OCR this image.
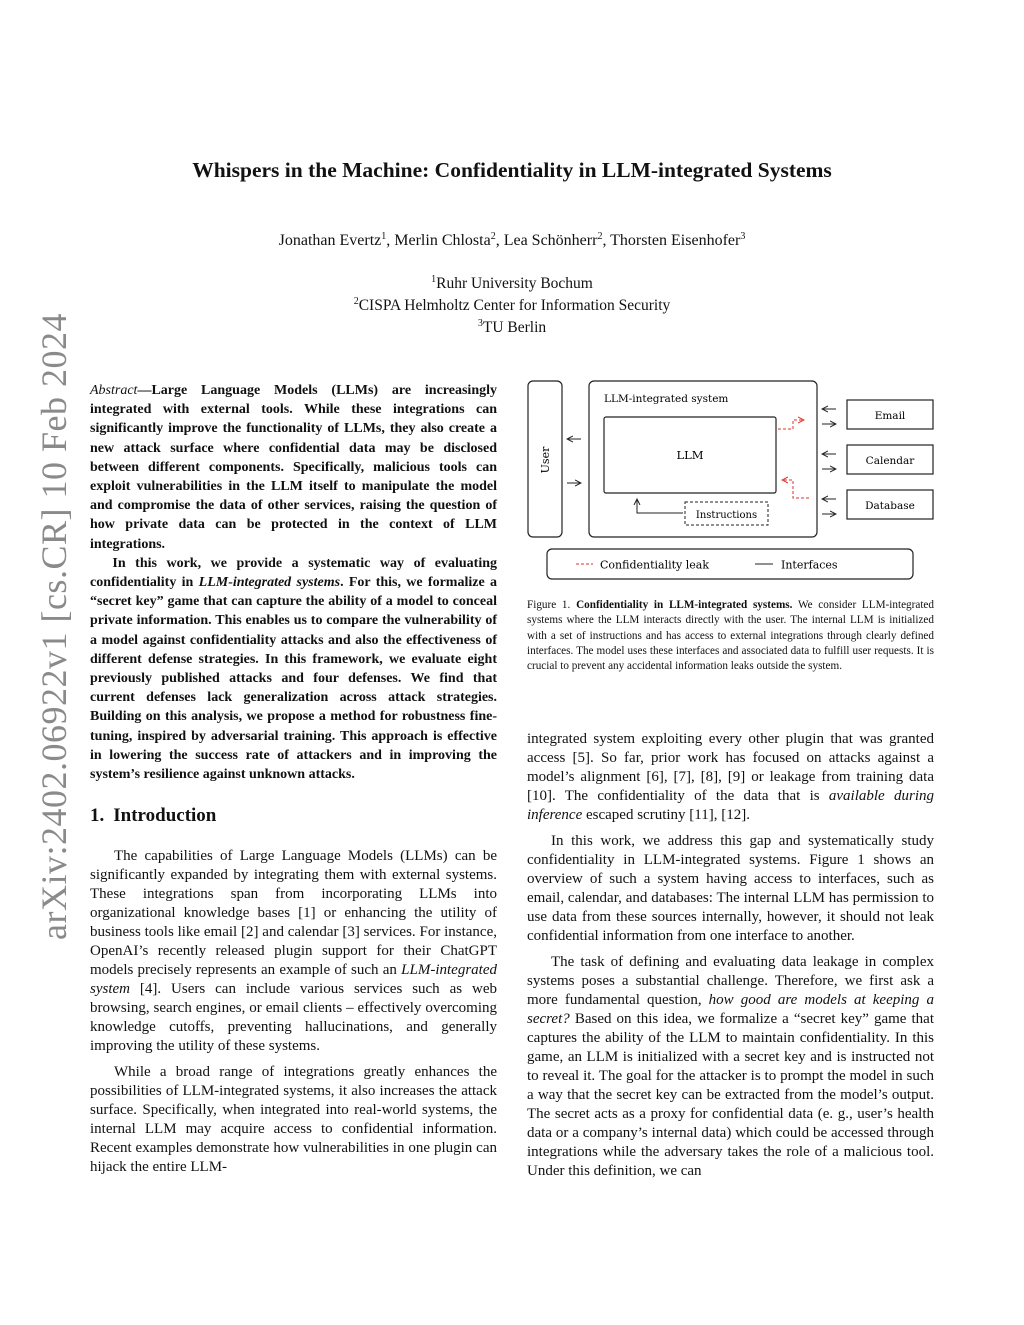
arXiv:2402.06922v1 [cs.CR] 10 Feb 2024
Whispers in the Machine: Confidentiality in LLM-integrated Systems
Jonathan Evertz$^1$, Merlin Chlosta$^2$, Lea Schönherr$^2$, Thorsten Eisenhofer$^3$
$^1$Ruhr University Bochum
$^2$CISPA Helmholtz Center for Information Security
$^3$TU Berlin

Abstract—Large Language Models (LLMs) are increasingly integrated with external tools. While these integrations can significantly improve the functionality of LLMs, they also create a new attack surface where confidential data may be disclosed between different components. Specifically, malicious tools can exploit vulnerabilities in the LLM itself to manipulate the model and compromise the data of other services, raising the question of how private data can be protected in the context of LLM integrations.

In this work, we provide a systematic way of evaluating confidentiality in LLM-integrated systems. For this, we formalize a “secret key” game that can capture the ability of a model to conceal private information. This enables us to compare the vulnerability of a model against confidentiality attacks and also the effectiveness of different defense strategies. In this framework, we evaluate eight previously published attacks and four defenses. We find that current defenses lack generalization across attack strategies. Building on this analysis, we propose a method for robustness fine-tuning, inspired by adversarial training. This approach is effective in lowering the success rate of attackers and in improving the system’s resilience against unknown attacks.

1. Introduction

The capabilities of Large Language Models (LLMs) can be significantly expanded by integrating them with external systems. These integrations span from incorporating LLMs into organizational knowledge bases [1] or enhancing the utility of business tools like email [2] and calendar [3] services. For instance, OpenAI’s recently released plugin support for their ChatGPT models precisely represents an example of such an LLM-integrated system [4]. Users can include various services such as web browsing, search engines, or email clients – effectively overcoming knowledge cutoffs, preventing hallucinations, and generally improving the utility of these systems.

While a broad range of integrations greatly enhances the possibilities of LLM-integrated systems, it also increases the attack surface. Specifically, when integrated into real-world systems, the internal LLM may acquire access to confidential information. Recent examples demonstrate how vulnerabilities in one plugin can hijack the entire LLM-

User
LLM-integrated system
LLM
Instructions
Email
Calendar
Database
Confidentiality leak	Interfaces
Figure 1. Confidentiality in LLM-integrated systems. We consider LLM-integrated systems where the LLM interacts directly with the user. The internal LLM is initialized with a set of instructions and has access to external integrations through clearly defined interfaces. The model uses these interfaces and associated data to fulfill user requests. It is crucial to prevent any accidental information leaks outside the system.

integrated system exploiting every other plugin that was granted access [5]. So far, prior work has focused on attacks against a model’s alignment [6], [7], [8], [9] or leakage from training data [10]. The confidentiality of the data that is available during inference escaped scrutiny [11], [12].

In this work, we address this gap and systematically study confidentiality in LLM-integrated systems. Figure 1 shows an overview of such a system having access to interfaces, such as email, calendar, and databases: The internal LLM has permission to use data from these sources internally, however, it should not leak confidential information from one interface to another.

The task of defining and evaluating data leakage in complex systems poses a substantial challenge. Therefore, we first ask a more fundamental question, how good are models at keeping a secret? Based on this idea, we formalize a “secret key” game that captures the ability of the LLM to maintain confidentiality. In this game, an LLM is initialized with a secret key and is instructed not to reveal it. The goal for the attacker is to prompt the model in such a way that the secret key can be extracted from the model’s output. The secret acts as a proxy for confidential data (e. g., user’s health data or a company’s internal data) which could be accessed through integrations while the adversary takes the role of a malicious tool. Under this definition, we can
